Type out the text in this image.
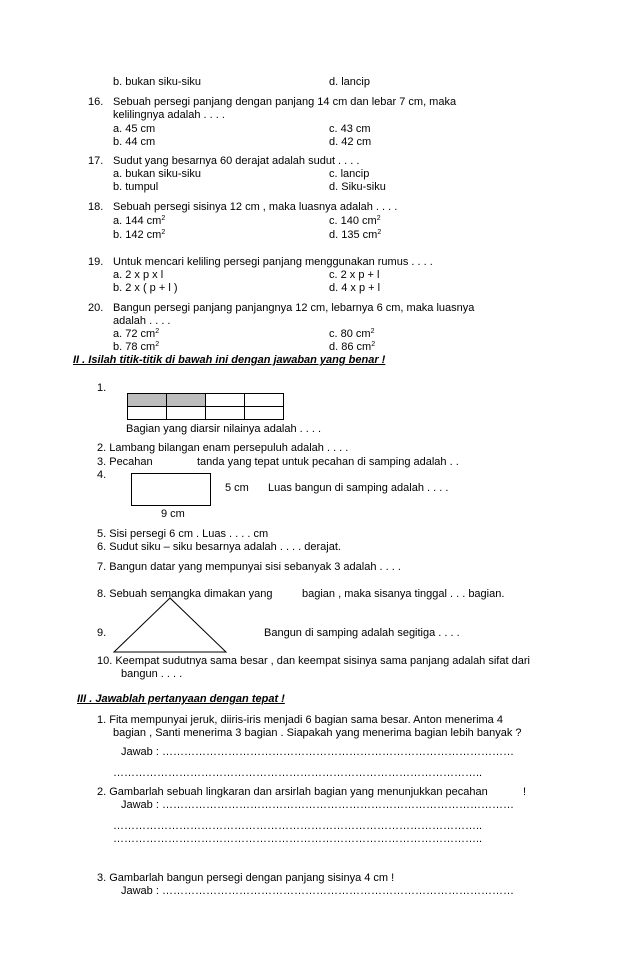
b. bukan siku-siku	d. lancip
16. Sebuah persegi panjang dengan panjang 14 cm dan lebar 7 cm, maka
kelilingnya adalah . . . .
a. 45 cm
b. 44 cm
c. 43 cm
d. 42 cm
17. Sudut yang besarnya 60 derajat adalah sudut . . . .
a. bukan siku-siku
b. tumpul
c. lancip
d. Siku-siku
18. Sebuah persegi sisinya 12 cm , maka luasnya adalah . . . .
a. 144 $cm^2$
b. 142 $cm^2$
c. 140 $cm^2$
d. 135 $cm^2$
19. Untuk mencari keliling persegi panjang menggunakan rumus . . . .
a. 2 x p x l
b. 2 x ( p + l )
c. 2 x p + l
d. 4 x p + l
20. Bangun persegi panjang panjangnya 12 cm, lebarnya 6 cm, maka luasnya
adalah . . . .
a. 72 $cm^2$
b. 78 $cm^2$
c. 80 $cm^2$
d. 86 $cm^2$
II . Isilah titik-titik di bawah ini dengan jawaban yang benar !
1.
Bagian yang diarsir nilainya adalah . . . .
2. Lambang bilangan enam persepuluh adalah . . . .
3. Pecahan	tanda yang tepat untuk pecahan di samping adalah . .
4.
5 cm Luas bangun di samping adalah . . . .
9 cm
5. Sisi persegi 6 cm . Luas . . . . cm
6. Sudut siku – siku besarnya adalah . . . . derajat.
7. Bangun datar yang mempunyai sisi sebanyak 3 adalah . . . .
8. Sebuah semangka dimakan yang	bagian , maka sisanya tinggal . . . bagian.
9.	Bangun di samping adalah segitiga . . . .
10. Keempat sudutnya sama besar , dan keempat sisinya sama panjang adalah sifat dari
bangun . . . .
III . Jawablah pertanyaan dengan tepat !
1. Fita mempunyai jeruk, diiris-iris menjadi 6 bagian sama besar. Anton menerima 4
bagian , Santi menerima 3 bagian . Siapakah yang menerima bagian lebih banyak ?
Jawab : ……………………………………………………………………………………
………………………………………………………………………………………..
2. Gambarlah sebuah lingkaran dan arsirlah bagian yang menunjukkan pecahan	!
Jawab : ……………………………………………………………………………………
………………………………………………………………………………………..
………………………………………………………………………………………..
3. Gambarlah bangun persegi dengan panjang sisinya 4 cm !
Jawab : ……………………………………………………………………………………
